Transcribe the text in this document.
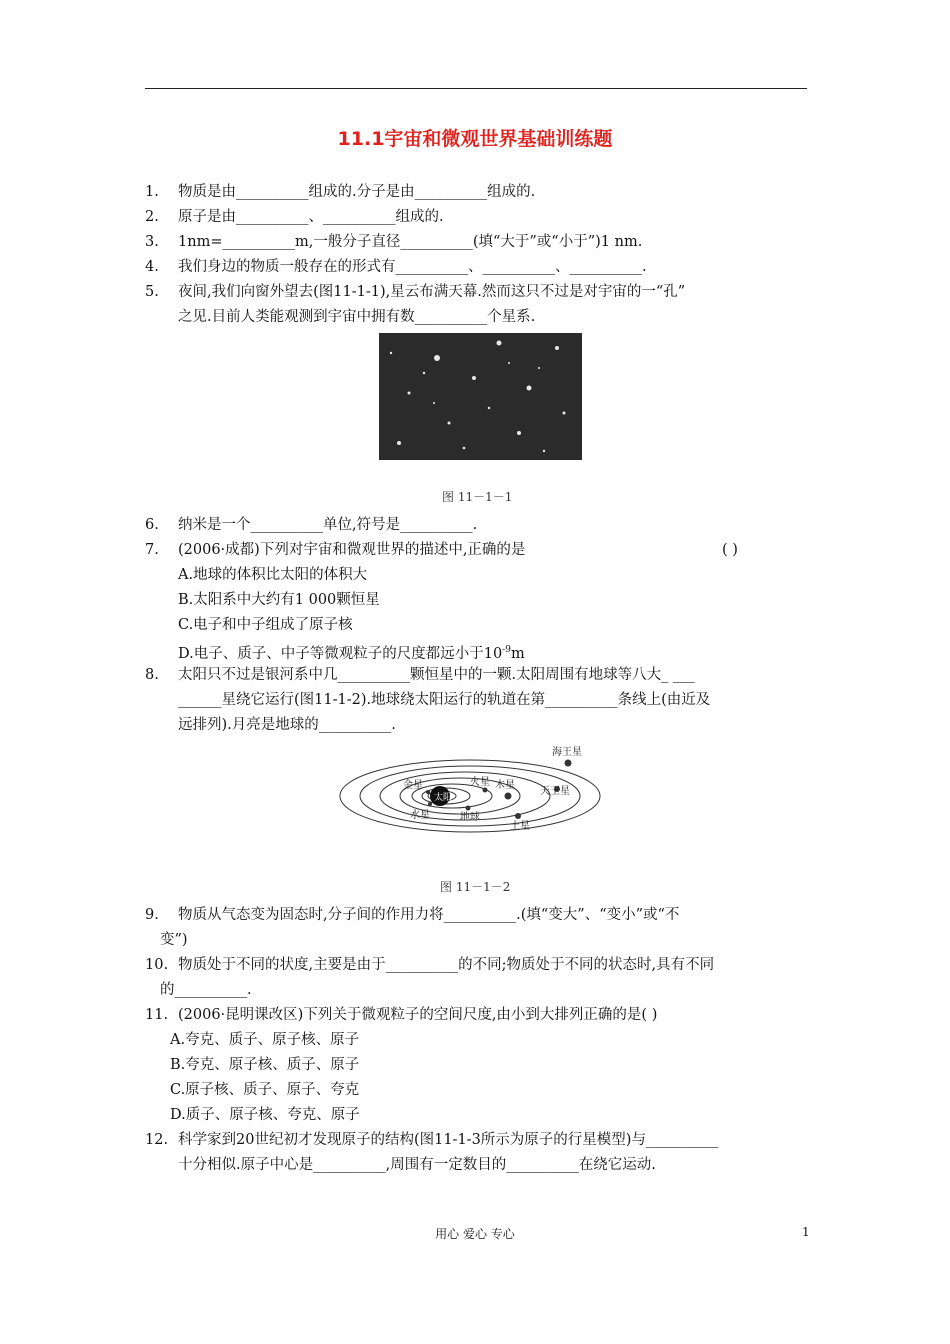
11.1宇宙和微观世界基础训练题
1. 物质是由__________组成的.分子是由__________组成的.
2. 原子是由__________、__________组成的.
3. 1nm=__________m,一般分子直径__________(填“大于”或“小于”)1 nm.
4. 我们身边的物质一般存在的形式有__________、__________、__________.
5. 夜间,我们向窗外望去(图11-1-1),星云布满天幕.然而这只不过是对宇宙的一“孔”
之见.目前人类能观测到宇宙中拥有数__________个星系.
图 11－1－1
6. 纳米是一个__________单位,符号是__________.
7. (2006·成都)下列对宇宙和微观世界的描述中,正确的是	( )
A.地球的体积比太阳的体积大
B.太阳系中大约有1 000颗恒星
C.电子和中子组成了原子核
D.电子、质子、中子等微观粒子的尺度都远小于$10^{-9}m$
8. 太阳只不过是银河系中几__________颗恒星中的一颗.太阳周围有地球等八大_ ___
______星绕它运行(图11-1-2).地球绕太阳运行的轨道在第__________条线上(由近及
远排列).月亮是地球的__________.
太阳
海王星
天王星
土星
木星
火星
金星
水星	地球
图 11－1－2
9. 物质从气态变为固态时,分子间的作用力将__________.(填“变大”、“变小”或“不
变”)
10. 物质处于不同的状度,主要是由于__________的不同;物质处于不同的状态时,具有不同
的__________.
11. (2006·昆明课改区)下列关于微观粒子的空间尺度,由小到大排列正确的是( )
A.夸克、质子、原子核、原子
B.夸克、原子核、质子、原子
C.原子核、质子、原子、夸克
D.质子、原子核、夸克、原子
12. 科学家到20世纪初才发现原子的结构(图11-1-3所示为原子的行星模型)与__________
十分相似.原子中心是__________,周围有一定数目的__________在绕它运动.
用心 爱心 专心	1
